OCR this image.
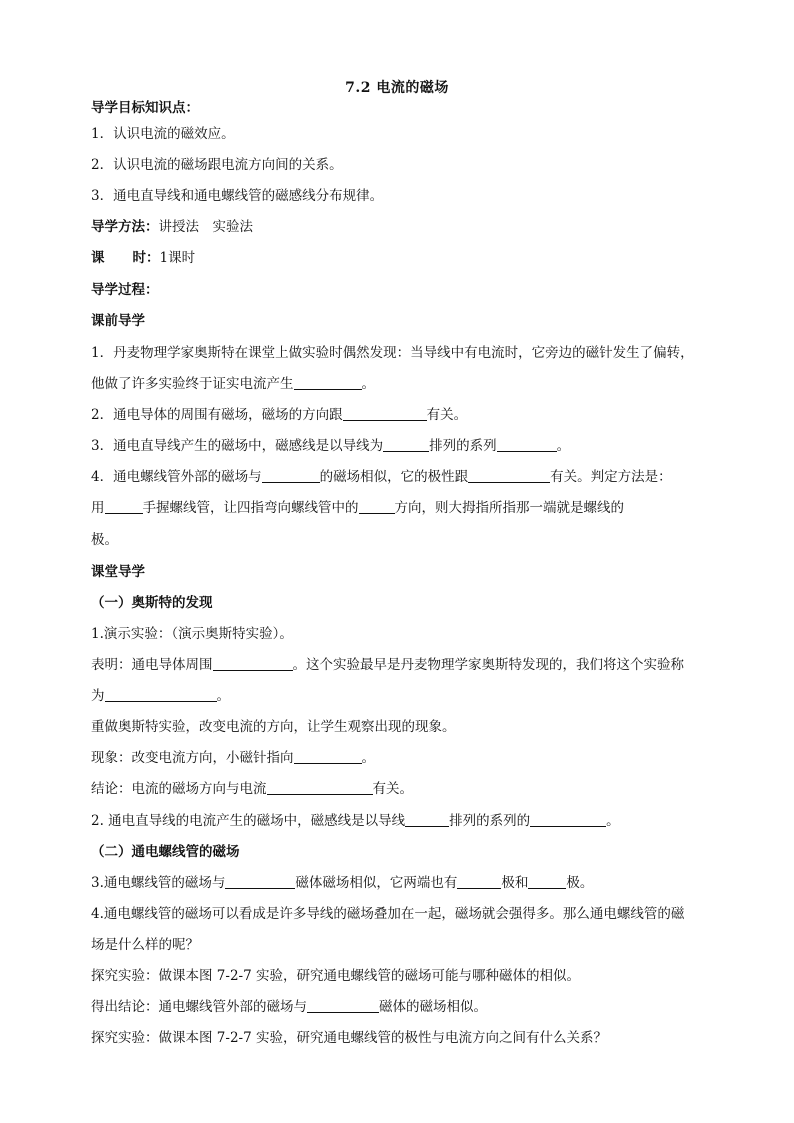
7.2 电流的磁场
导学目标知识点：
1．认识电流的磁效应。
2．认识电流的磁场跟电流方向间的关系。
3．通电直导线和通电螺线管的磁感线分布规律。
导学方法：讲授法　实验法
课 时：1课时
导学过程：
课前导学
1．丹麦物理学家奥斯特在课堂上做实验时偶然发现：当导线中有电流时，它旁边的磁针发生了偏转，
他做了许多实验终于证实电流产生	。
2．通电导体的周围有磁场，磁场的方向跟	有关。
3．通电直导线产生的磁场中，磁感线是以导线为	排列的系列	。
4．通电螺线管外部的磁场与	的磁场相似，它的极性跟	有关。判定方法是：
用	手握螺线管，让四指弯向螺线管中的	方向，则大拇指所指那一端就是螺线的
极。
课堂导学
（一）奥斯特的发现
1.演示实验：（演示奥斯特实验）。
表明：通电导体周围	。这个实验最早是丹麦物理学家奥斯特发现的，我们将这个实验称
为	。
重做奥斯特实验，改变电流的方向，让学生观察出现的现象。
现象：改变电流方向，小磁针指向	。
结论：电流的磁场方向与电流	有关。
2. 通电直导线的电流产生的磁场中，磁感线是以导线	排列的系列的	。
（二）通电螺线管的磁场
3.通电螺线管的磁场与	磁体磁场相似，它两端也有	极和	极。
4.通电螺线管的磁场可以看成是许多导线的磁场叠加在一起，磁场就会强得多。那么通电螺线管的磁
场是什么样的呢？
探究实验：做课本图 7-2-7 实验，研究通电螺线管的磁场可能与哪种磁体的相似。
得出结论：通电螺线管外部的磁场与	磁体的磁场相似。
探究实验：做课本图 7-2-7 实验，研究通电螺线管的极性与电流方向之间有什么关系？
